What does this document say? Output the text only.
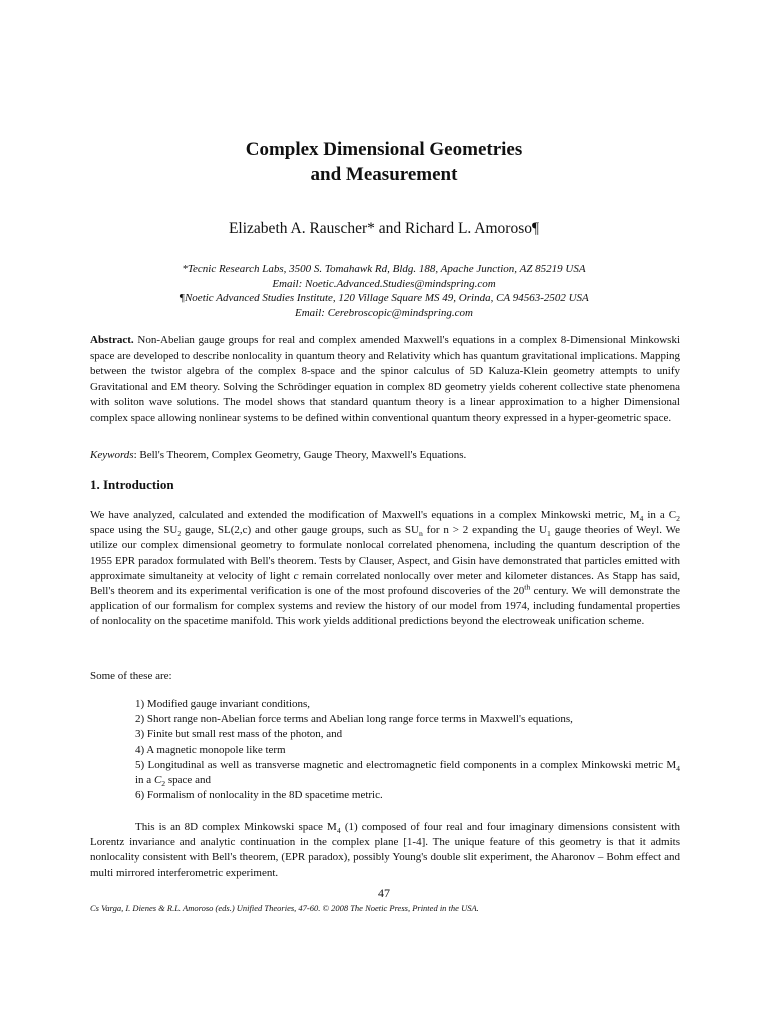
Complex Dimensional Geometries
and Measurement
Elizabeth A. Rauscher* and Richard L. Amoroso¶
*Tecnic Research Labs, 3500 S. Tomahawk Rd, Bldg. 188, Apache Junction, AZ 85219 USA
Email: Noetic.Advanced.Studies@mindspring.com
¶Noetic Advanced Studies Institute, 120 Village Square MS 49, Orinda, CA 94563-2502 USA
Email: Cerebroscopic@mindspring.com
Abstract. Non-Abelian gauge groups for real and complex amended Maxwell's equations in a complex 8-Dimensional Minkowski space are developed to describe nonlocality in quantum theory and Relativity which has quantum gravitational implications. Mapping between the twistor algebra of the complex 8-space and the spinor calculus of 5D Kaluza-Klein geometry attempts to unify Gravitational and EM theory. Solving the Schrödinger equation in complex 8D geometry yields coherent collective state phenomena with soliton wave solutions. The model shows that standard quantum theory is a linear approximation to a higher Dimensional complex space allowing nonlinear systems to be defined within conventional quantum theory expressed in a hyper-geometric space.
Keywords: Bell's Theorem, Complex Geometry, Gauge Theory, Maxwell's Equations.
1. Introduction
We have analyzed, calculated and extended the modification of Maxwell's equations in a complex Minkowski metric, $M_4$ in a $C_2$ space using the $SU_2$ gauge, SL(2,c) and other gauge groups, such as $SU_n$ for n > 2 expanding the $U_1$ gauge theories of Weyl. We utilize our complex dimensional geometry to formulate nonlocal correlated phenomena, including the quantum description of the 1955 EPR paradox formulated with Bell's theorem. Tests by Clauser, Aspect, and Gisin have demonstrated that particles emitted with approximate simultaneity at velocity of light c remain correlated nonlocally over meter and kilometer distances. As Stapp has said, Bell's theorem and its experimental verification is one of the most profound discoveries of the 20th century. We will demonstrate the application of our formalism for complex systems and review the history of our model from 1974, including fundamental properties of nonlocality on the spacetime manifold. This work yields additional predictions beyond the electroweak unification scheme.
Some of these are:
1) Modified gauge invariant conditions,
2) Short range non-Abelian force terms and Abelian long range force terms in Maxwell's equations,
3) Finite but small rest mass of the photon, and
4) A magnetic monopole like term
5) Longitudinal as well as transverse magnetic and electromagnetic field components in a complex Minkowski metric $M_4$ in a $C_2$ space and
6) Formalism of nonlocality in the 8D spacetime metric.
This is an 8D complex Minkowski space $M_4$ (1) composed of four real and four imaginary dimensions consistent with Lorentz invariance and analytic continuation in the complex plane [1-4]. The unique feature of this geometry is that it admits nonlocality consistent with Bell's theorem, (EPR paradox), possibly Young's double slit experiment, the Aharonov – Bohm effect and multi mirrored interferometric experiment.
47
Cs Varga, I. Dienes & R.L. Amoroso (eds.) Unified Theories, 47-60. © 2008 The Noetic Press, Printed in the USA.
